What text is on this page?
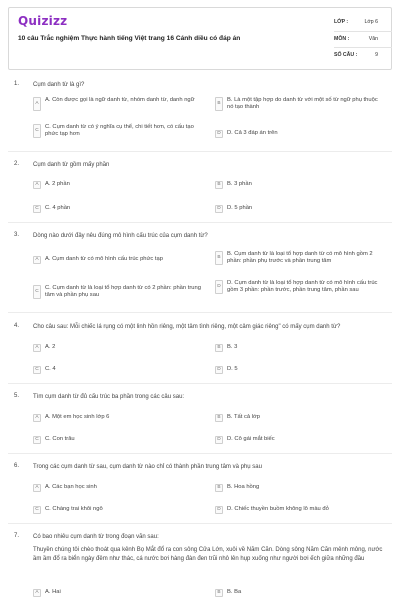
Quizizz
10 câu Trắc nghiệm Thực hành tiếng Việt trang 16 Cánh diều có đáp án
LỚP :	Lớp 6
MÔN :	Văn
SỐ CÂU :	9
1. Cụm danh từ là gì?
A
A. Còn được gọi là ngữ danh từ, nhóm danh từ, danh ngữ
B
B. Là một tập hợp do danh từ với một số từ ngữ phụ thuộc nó tạo thành
C
C. Cụm danh từ có ý nghĩa cụ thể, chi tiết hơn, có cấu tạo phức tạp hơn	D	D. Cả 3 đáp án trên
2. Cụm danh từ gồm mấy phần
A	A. 2 phần	B	B. 3 phần
C	C. 4 phần	D	D. 5 phần
3. Dòng nào dưới đây nêu đúng mô hình cấu trúc của cụm danh từ?
A	A. Cụm danh từ có mô hình cấu trúc phức tạp	B
B. Cụm danh từ là loại tổ hợp danh từ có mô hình gồm 2 phần: phần phụ trước và phần trung tâm
C
C. Cụm danh từ là loại tổ hợp danh từ có 2 phần: phần trung tâm và phần phụ sau
D
D. Cụm danh từ là loại tổ hợp danh từ có mô hình cấu trúc gồm 3 phần: phần trước, phần trung tâm, phần sau
4. Cho câu sau: Mỗi chiếc lá rụng có một linh hồn riêng, một tâm tình riêng, một cảm giác riêng" có mấy cụm danh từ?
A	A. 2	B	B. 3
C	C. 4	D	D. 5
5. Tìm cụm danh từ đủ cấu trúc ba phần trong các câu sau:
A	A. Một em học sinh lớp 6	B	B. Tất cả lớp
C	C. Con trâu	D	D. Cô gái mắt biếc
6. Trong các cụm danh từ sau, cụm danh từ nào chỉ có thành phần trung tâm và phụ sau
A	A. Các bạn học sinh	B	B. Hoa hồng
C	C. Chàng trai khôi ngô	D	D. Chiếc thuyền buồm không lô màu đỏ
7. Có bao nhiêu cụm danh từ trong đoạn văn sau:
Thuyền chúng tôi chèo thoát qua kênh Bọ Mắt đổ ra con sông Cửa Lớn, xuôi về Năm Căn. Dòng sông Năm Căn mênh mông, nước ầm ầm đổ ra biển ngày đêm như thác, cá nước bơi hàng đàn đen trũi nhô lên hụp xuống như người bơi ếch giữa những đầu
A	A. Hai	B	B. Ba
